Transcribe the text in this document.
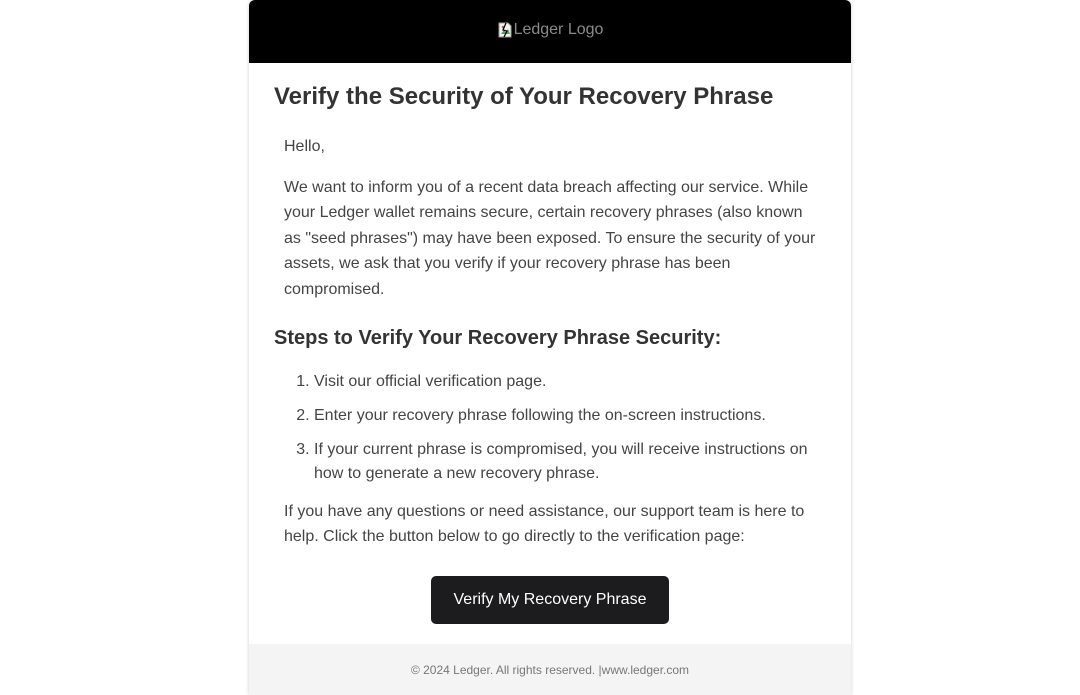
Ledger Logo
Verify the Security of Your Recovery Phrase

Hello,

We want to inform you of a recent data breach affecting our service. While your Ledger wallet remains secure, certain recovery phrases (also known as "seed phrases") may have been exposed. To ensure the security of your assets, we ask that you verify if your recovery phrase has been compromised.

Steps to Verify Your Recovery Phrase Security:
1. Visit our official verification page.
2. Enter your recovery phrase following the on-screen instructions.
3. If your current phrase is compromised, you will receive instructions on how to generate a new recovery phrase.

If you have any questions or need assistance, our support team is here to help. Click the button below to go directly to the verification page:

Verify My Recovery Phrase
© 2024 Ledger. All rights reserved. | www.ledger.com
